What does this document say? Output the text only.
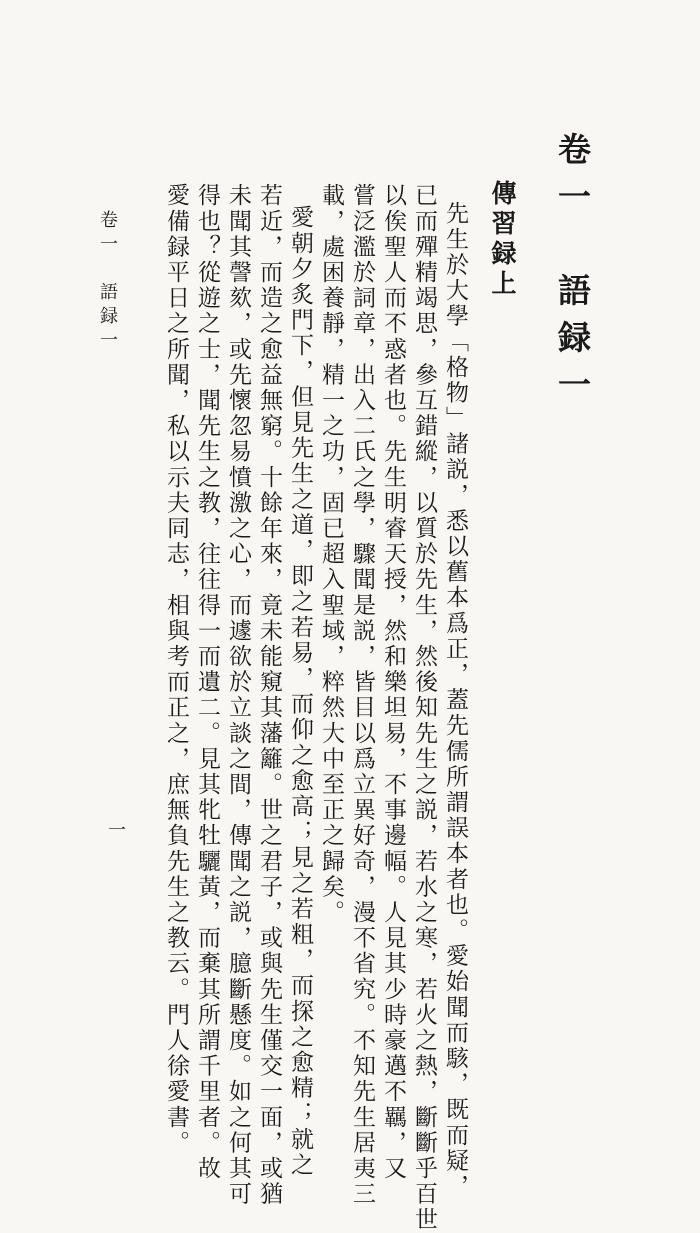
卷一　語録一
傳習録上
先生於大學「格物」諸説，悉以舊本爲正，蓋先儒所謂誤本者也。愛始聞而駭，既而疑，
已而殫精竭思，參互錯縱，以質於先生，然後知先生之説，若水之寒，若火之熱，斷斷乎百世
以俟聖人而不惑者也。先生明睿天授，然和樂坦易，不事邊幅。人見其少時豪邁不羈，又
嘗泛濫於詞章，出入二氏之學，驟聞是説，皆目以爲立異好奇，漫不省究。不知先生居夷三
載，處困養靜，精一之功，固已超入聖域，粹然大中至正之歸矣。
愛朝夕炙門下，但見先生之道，即之若易，而仰之愈高；見之若粗，而探之愈精；就之
若近，而造之愈益無窮。十餘年來，竟未能窺其藩籬。世之君子，或與先生僅交一面，或猶
未聞其謦欬，或先懷忽易憤激之心，而遽欲於立談之間，傳聞之説，臆斷懸度。如之何其可
得也？從遊之士，聞先生之教，往往得一而遺二。見其牝牡驪黃，而棄其所謂千里者。故
愛備録平日之所聞，私以示夫同志，相與考而正之，庶無負先生之教云。門人徐愛書。
卷一　語録一
一
